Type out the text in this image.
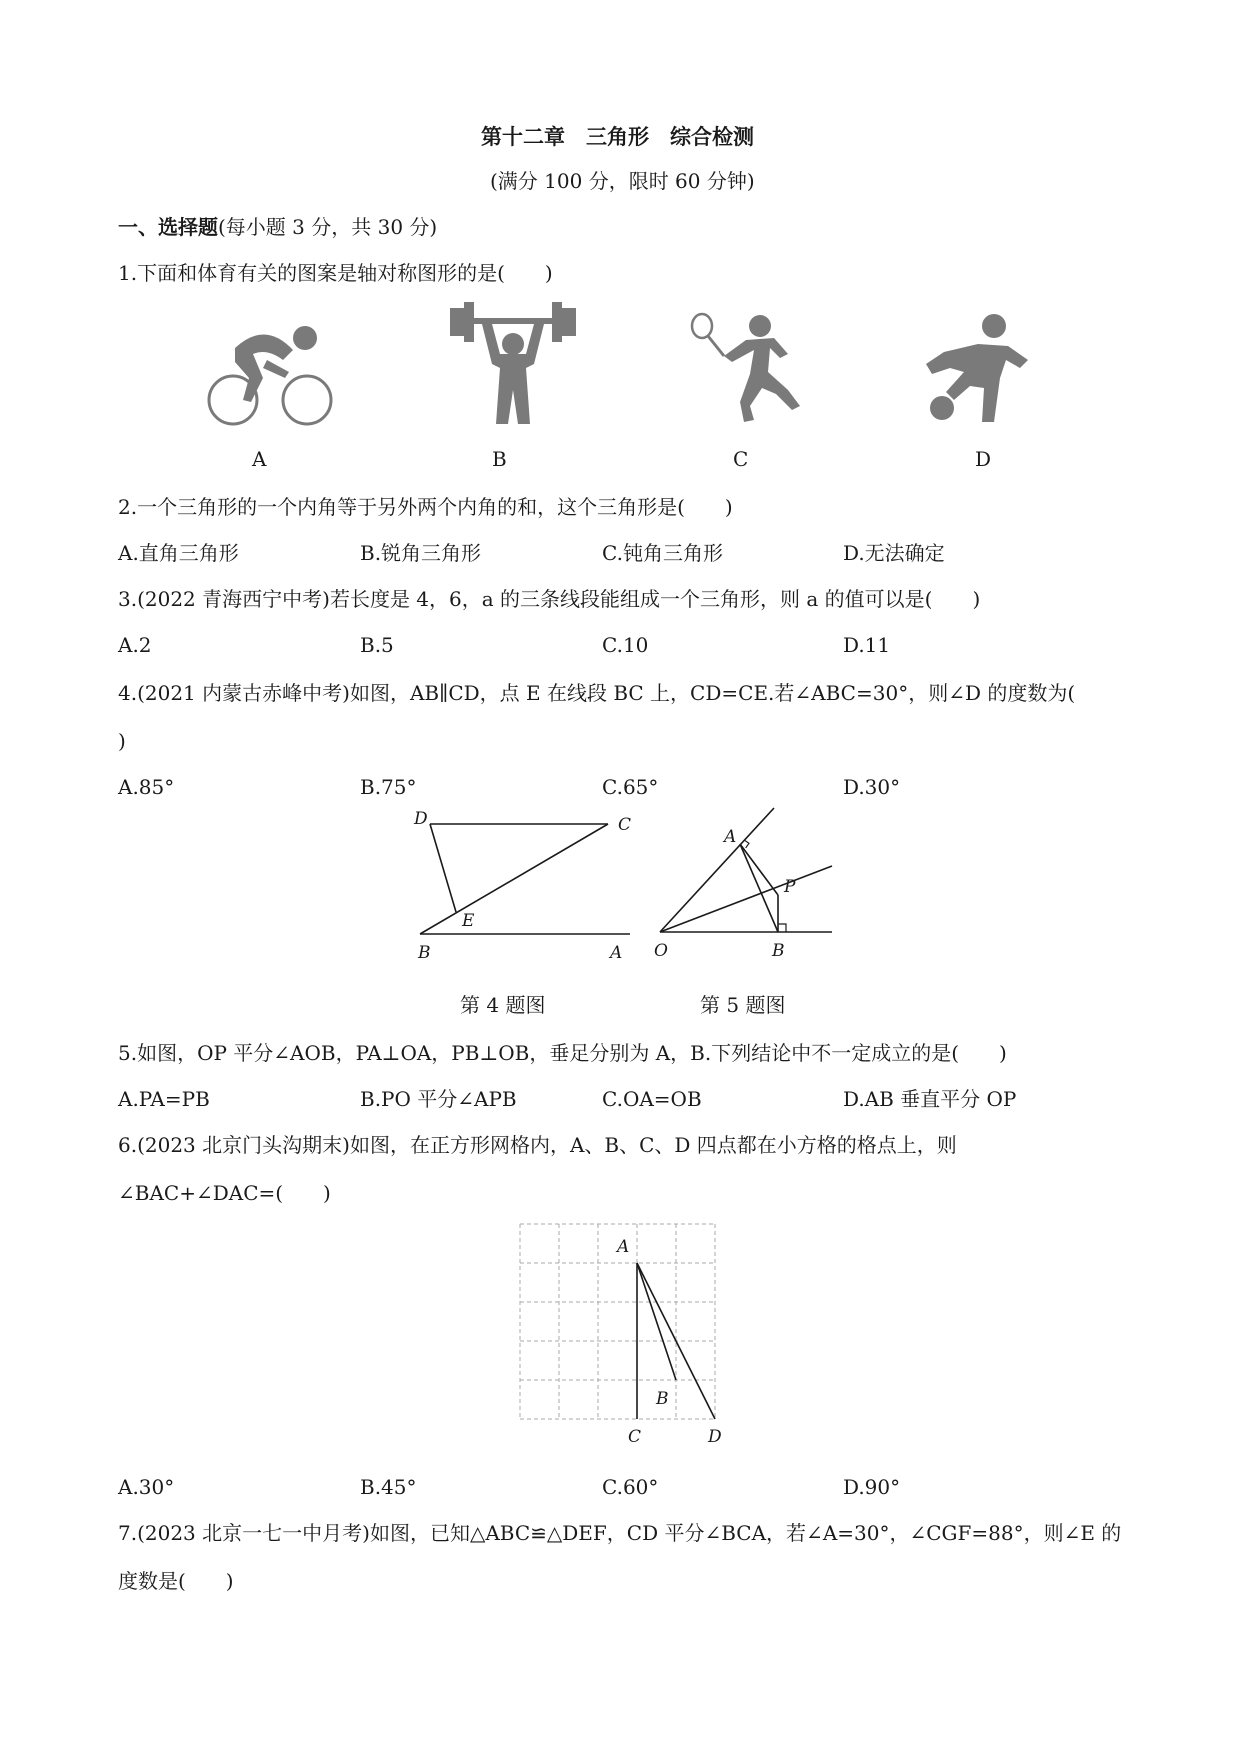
第十二章　三角形　综合检测
(满分 100 分，限时 60 分钟)
一、选择题(每小题 3 分，共 30 分)
1.下面和体育有关的图案是轴对称图形的是(　　)
A	B	C	D
2.一个三角形的一个内角等于另外两个内角的和，这个三角形是(　　)
A.直角三角形	B.锐角三角形	C.钝角三角形	D.无法确定
3.(2022 青海西宁中考)若长度是 4，6，a 的三条线段能组成一个三角形，则 a 的值可以是(　　)
A.2	B.5	C.10	D.11
4.(2021 内蒙古赤峰中考)如图，AB∥CD，点 E 在线段 BC 上，CD=CE.若∠ABC=30°，则∠D 的度数为(
)
A.85°	B.75°	C.65°	D.30°
D	C
E
B	A
A
P
O	B
第 4 题图	第 5 题图
5.如图，OP 平分∠AOB，PA⊥OA，PB⊥OB，垂足分别为 A，B.下列结论中不一定成立的是(　　)
A.PA=PB	B.PO 平分∠APB	C.OA=OB	D.AB 垂直平分 OP
6.(2023 北京门头沟期末)如图，在正方形网格内，A、B、C、D 四点都在小方格的格点上，则
∠BAC+∠DAC=(　　)
A
B
C	D
A.30°	B.45°	C.60°	D.90°
7.(2023 北京一七一中月考)如图，已知△ABC≌△DEF，CD 平分∠BCA，若∠A=30°，∠CGF=88°，则∠E 的
度数是(　　)
